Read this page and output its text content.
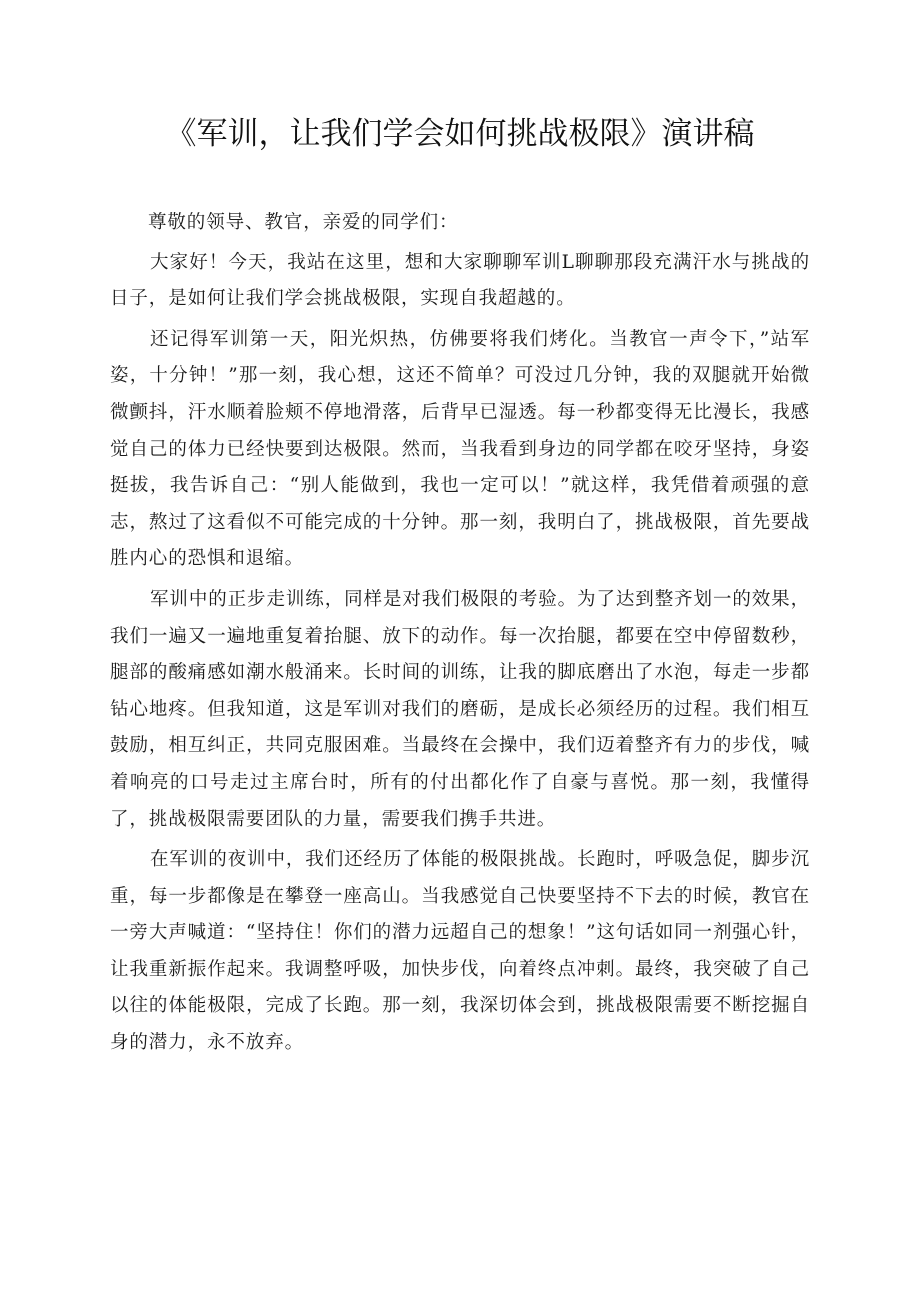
《军训，让我们学会如何挑战极限》演讲稿

尊敬的领导、教官，亲爱的同学们：

大家好！今天，我站在这里，想和大家聊聊军训L聊聊那段充满汗水与挑战的日子，是如何让我们学会挑战极限，实现自我超越的。

还记得军训第一天，阳光炽热，仿佛要将我们烤化。当教官一声令下，”站军姿，十分钟！”那一刻，我心想，这还不简单？可没过几分钟，我的双腿就开始微微颤抖，汗水顺着脸颊不停地滑落，后背早已湿透。每一秒都变得无比漫长，我感觉自己的体力已经快要到达极限。然而，当我看到身边的同学都在咬牙坚持，身姿挺拔，我告诉自己：“别人能做到，我也一定可以！”就这样，我凭借着顽强的意志，熬过了这看似不可能完成的十分钟。那一刻，我明白了，挑战极限，首先要战胜内心的恐惧和退缩。

军训中的正步走训练，同样是对我们极限的考验。为了达到整齐划一的效果，我们一遍又一遍地重复着抬腿、放下的动作。每一次抬腿，都要在空中停留数秒，腿部的酸痛感如潮水般涌来。长时间的训练，让我的脚底磨出了水泡，每走一步都钻心地疼。但我知道，这是军训对我们的磨砺，是成长必须经历的过程。我们相互鼓励，相互纠正，共同克服困难。当最终在会操中，我们迈着整齐有力的步伐，喊着响亮的口号走过主席台时，所有的付出都化作了自豪与喜悦。那一刻，我懂得了，挑战极限需要团队的力量，需要我们携手共进。

在军训的夜训中，我们还经历了体能的极限挑战。长跑时，呼吸急促，脚步沉重，每一步都像是在攀登一座高山。当我感觉自己快要坚持不下去的时候，教官在一旁大声喊道：“坚持住！你们的潜力远超自己的想象！”这句话如同一剂强心针，让我重新振作起来。我调整呼吸，加快步伐，向着终点冲刺。最终，我突破了自己以往的体能极限，完成了长跑。那一刻，我深切体会到，挑战极限需要不断挖掘自身的潜力，永不放弃。
